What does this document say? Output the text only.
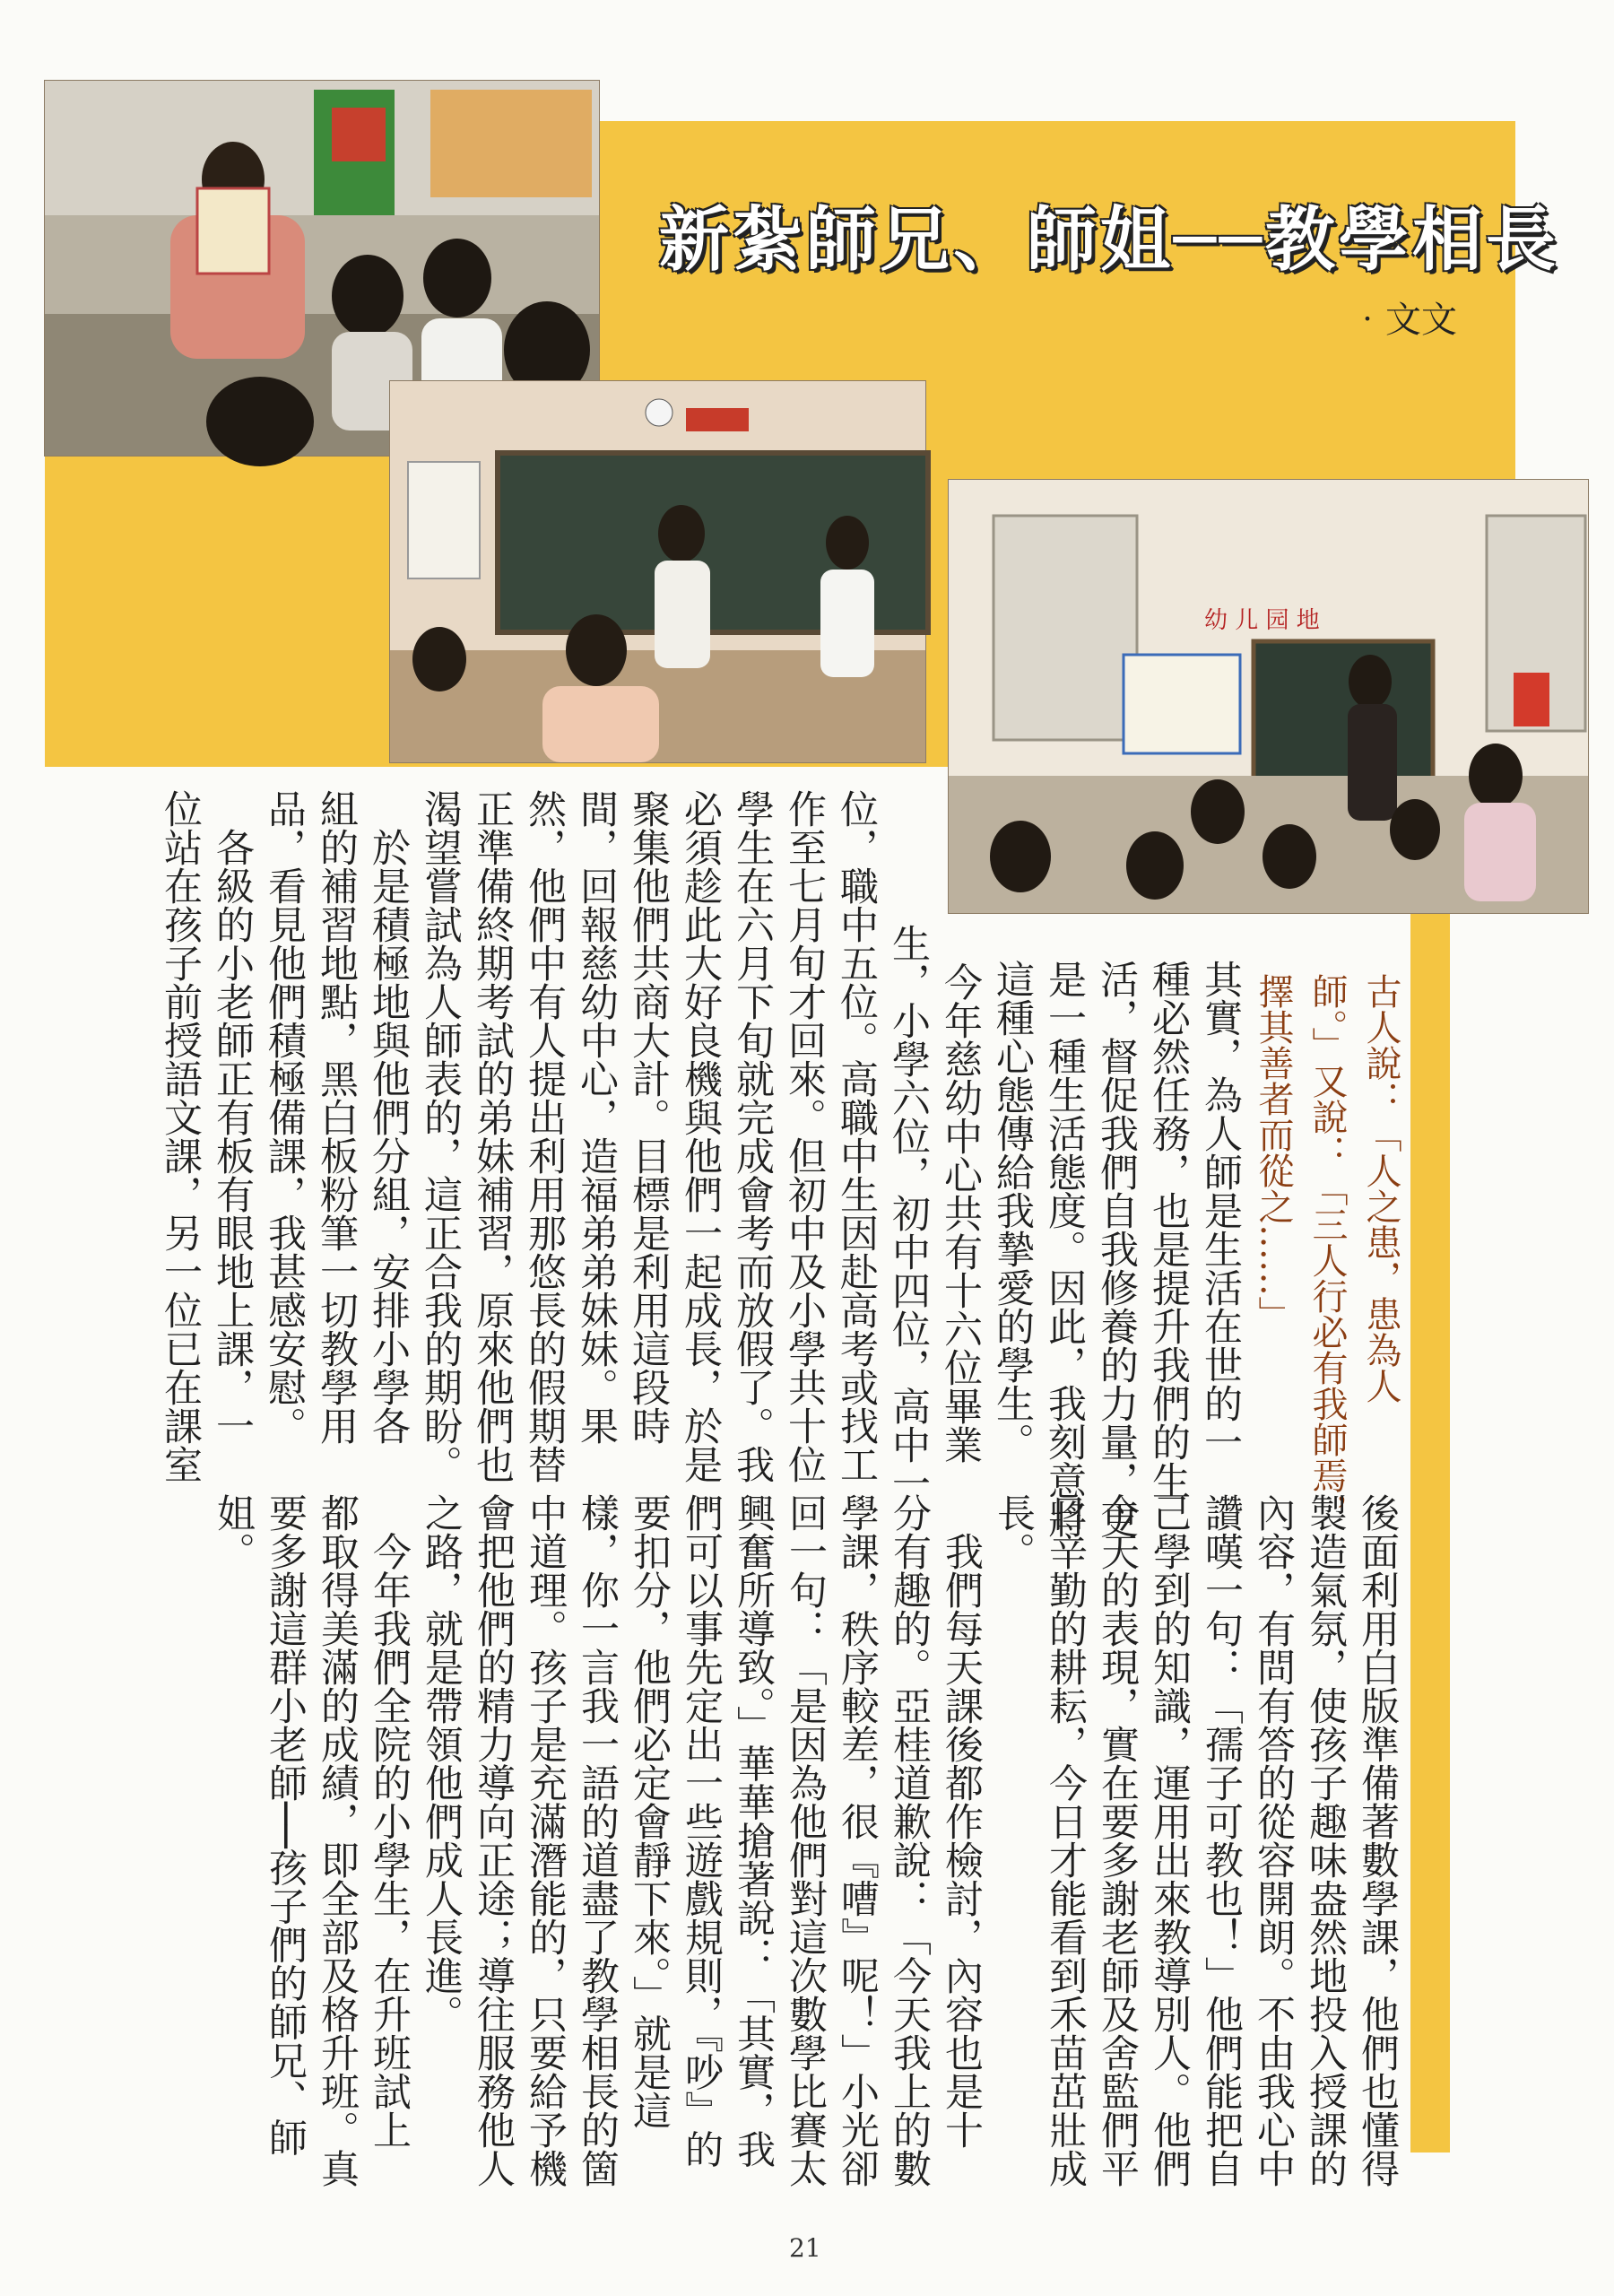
幼 儿 园 地
新紮師兄、師姐──教學相長
‧文文
古人說：「人之患，患為人
師。」又說：「三人行必有我師焉，
擇其善者而從之……」
其實，為人師是生活在世的一
種必然任務，也是提升我們的生
活，督促我們自我修養的力量，更
是一種生活態度。因此，我刻意將
這種心態傳給我摯愛的學生。
　今年慈幼中心共有十六位畢業
生，小學六位，初中四位，高中一
位，職中五位。高職中生因赴高考或找工
作至七月旬才回來。但初中及小學共十位
學生在六月下旬就完成會考而放假了。我
必須趁此大好良機與他們一起成長，於是
聚集他們共商大計。目標是利用這段時
間，回報慈幼中心，造福弟弟妹妹。果
然，他們中有人提出利用那悠長的假期替
正準備終期考試的弟妹補習，原來他們也
渴望嘗試為人師表的，這正合我的期盼。
　於是積極地與他們分組，安排小學各
組的補習地點，黑白板粉筆一切教學用
品，看見他們積極備課，我甚感安慰。
　各級的小老師正有板有眼地上課，一
位站在孩子前授語文課，另一位已在課室
後面利用白版準備著數學課，他們也懂得
製造氣氛，使孩子趣味盎然地投入授課的
內容，有問有答的從容開朗。不由我心中
讚嘆一句：「孺子可教也！」他們能把自
己學到的知識，運用出來教導別人。他們
今天的表現，實在要多謝老師及舍監們平
日辛勤的耕耘，今日才能看到禾苗茁壯成
長。
　我們每天課後都作檢討，內容也是十
分有趣的。亞桂道歉說：「今天我上的數
學課，秩序較差，很『嘈』呢！」小光卻
回一句：「是因為他們對這次數學比賽太
興奮所導致。」華華搶著說：「其實，我
們可以事先定出一些遊戲規則，『吵』的
要扣分，他們必定會靜下來。」就是這
樣，你一言我一語的道盡了教學相長的箇
中道理。孩子是充滿潛能的，只要給予機
會把他們的精力導向正途；導往服務他人
之路，就是帶領他們成人長進。
　今年我們全院的小學生，在升班試上
都取得美滿的成績，即全部及格升班。真
要多謝這群小老師──孩子們的師兄、師
姐。
21
